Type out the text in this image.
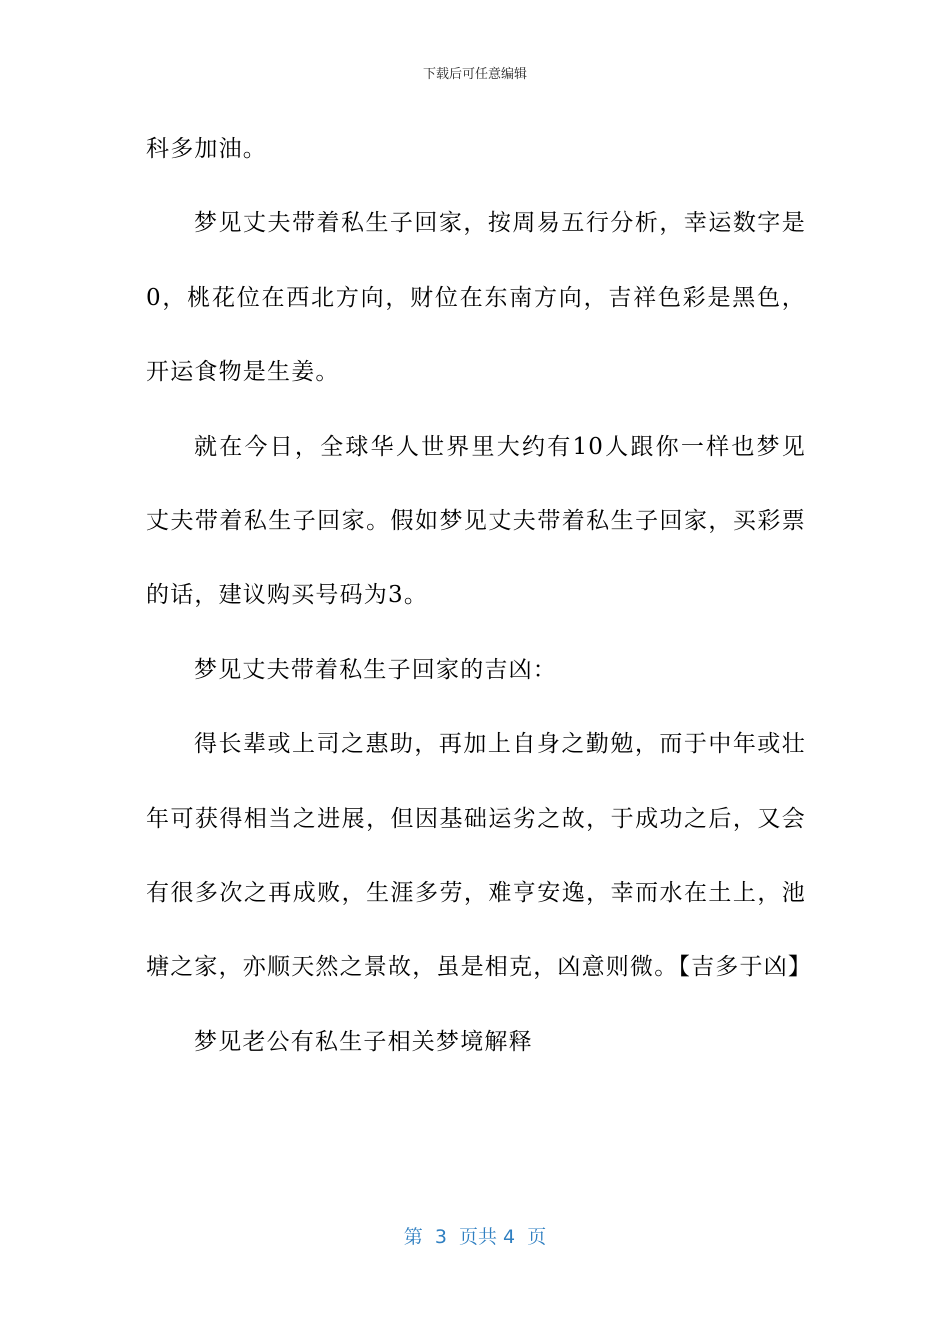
下载后可任意编辑

科多加油。

梦见丈夫带着私生子回家，按周易五行分析，幸运数字是0，桃花位在西北方向，财位在东南方向，吉祥色彩是黑色，开运食物是生姜。

就在今日，全球华人世界里大约有10人跟你一样也梦见丈夫带着私生子回家。假如梦见丈夫带着私生子回家，买彩票的话，建议购买号码为3。

梦见丈夫带着私生子回家的吉凶：

得长辈或上司之惠助，再加上自身之勤勉，而于中年或壮年可获得相当之进展，但因基础运劣之故，于成功之后，又会有很多次之再成败，生涯多劳，难亨安逸，幸而水在土上，池塘之家，亦顺天然之景故，虽是相克，凶意则微。【吉多于凶】

梦见老公有私生子相关梦境解释

第  3  页共 4  页
